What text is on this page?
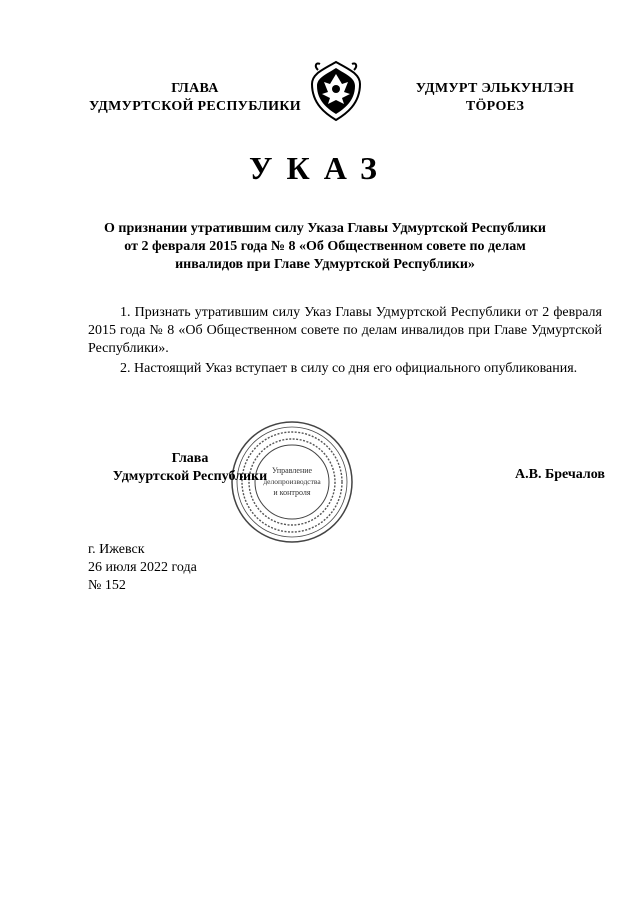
ГЛАВА
УДМУРТСКОЙ РЕСПУБЛИКИ
УДМУРТ ЭЛЬКУНЛЭН
ТӦРОЕЗ
УКАЗ
О признании утратившим силу Указа Главы Удмуртской Республики
от 2 февраля 2015 года № 8 «Об Общественном совете по делам
инвалидов при Главе Удмуртской Республики»
1. Признать утратившим силу Указ Главы Удмуртской Республики от 2 февраля 2015 года № 8 «Об Общественном совете по делам инвалидов при Главе Удмуртской Республики».
2. Настоящий Указ вступает в силу со дня его официального опубликования.
Управление
делопроизводства
и контроля
Глава
Удмуртской Республики	А.В. Бречалов
г. Ижевск
26 июля 2022 года
№ 152
